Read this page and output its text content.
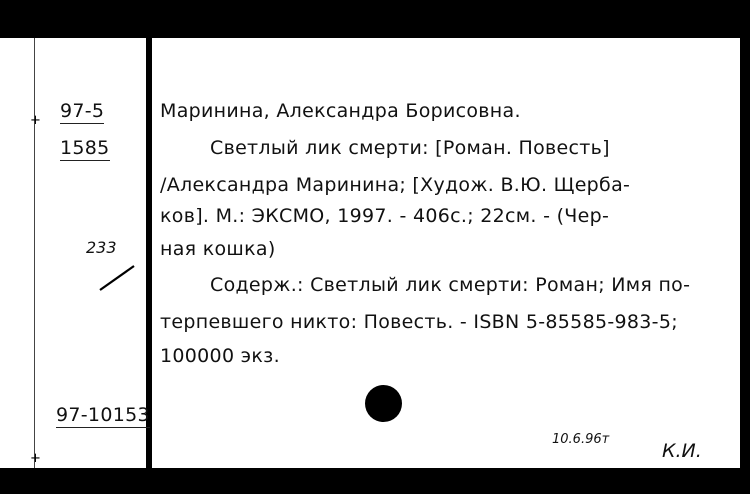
97-5
1585
97-10153
Маринина, Александра Борисовна.
Светлый лик смерти: [Роман. Повесть]
/Александра Маринина; [Худож. В.Ю. Щерба-
ков]. М.: ЭКСМО, 1997. - 406с.; 22см. - (Чер-
ная кошка)
Содерж.: Светлый лик смерти: Роман; Имя по-
терпевшего никто: Повесть. - ISBN 5-85585-983-5;
100000 экз.
233
10.6.96т
К.И.
+
+
